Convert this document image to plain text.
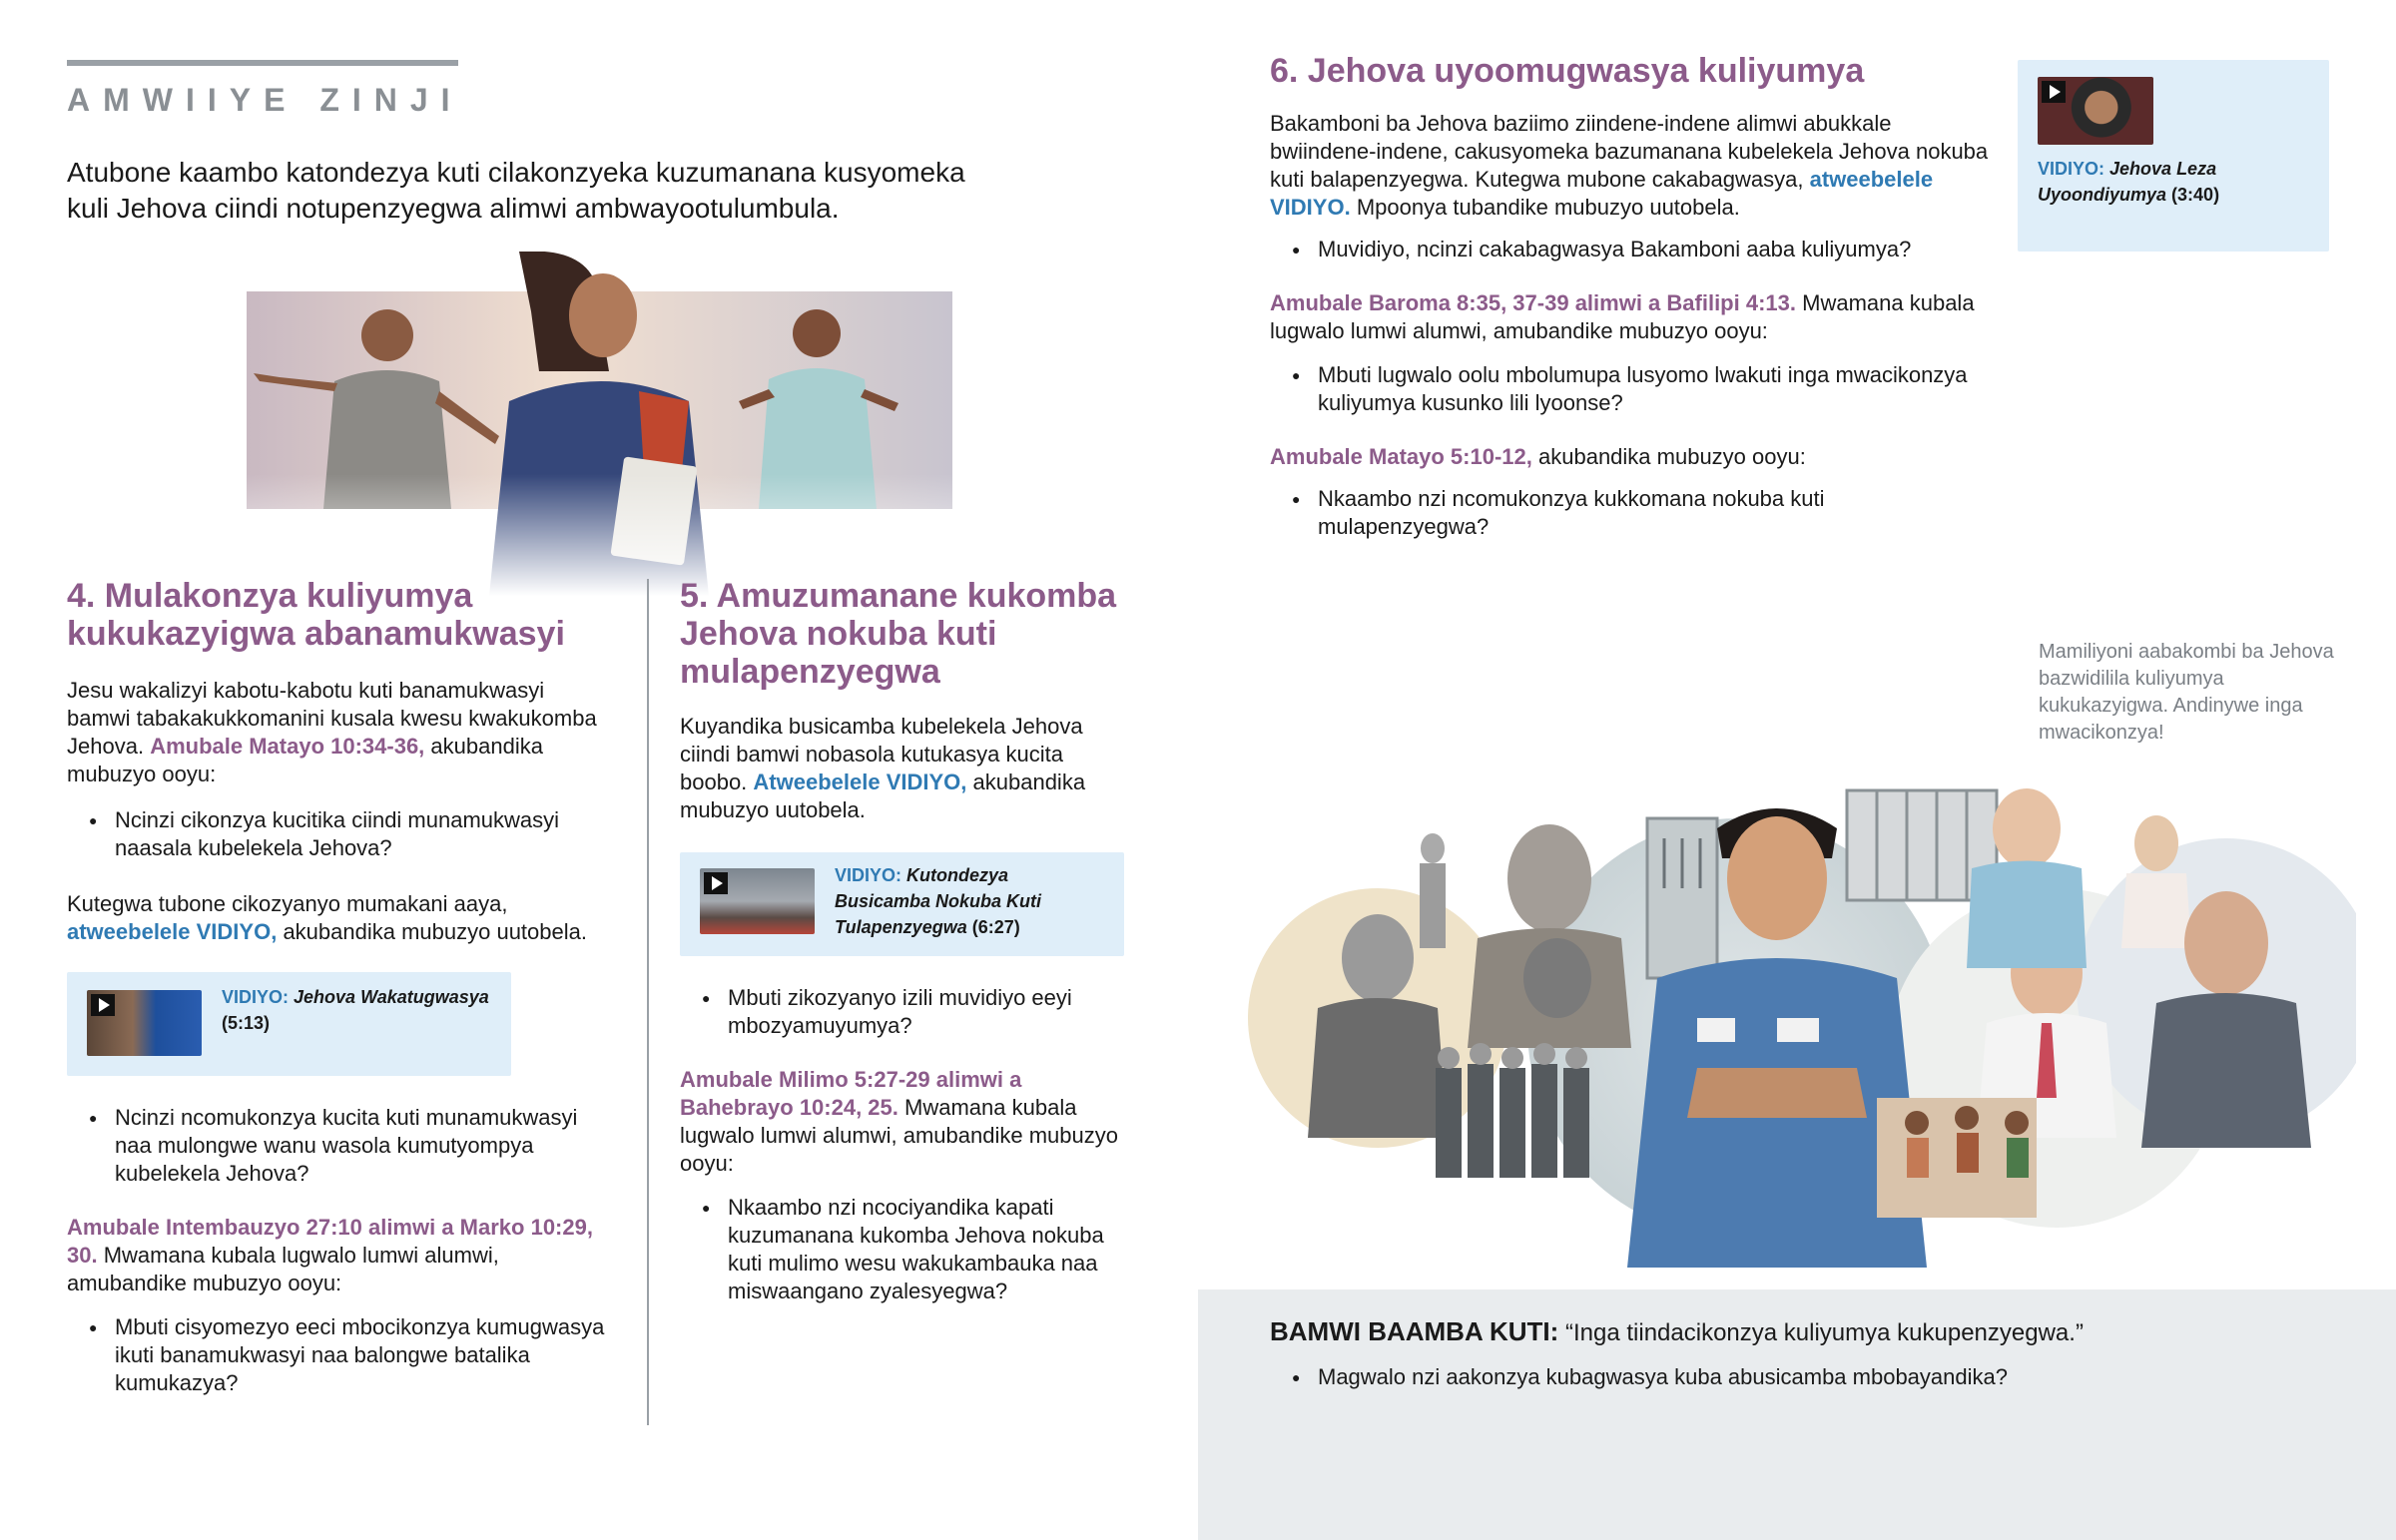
AMWIIYE ZINJI
Atubone kaambo katondezya kuti cilakonzyeka kuzumanana kusyomeka kuli Jehova ciindi notupenzyegwa alimwi ambwayootulumbula.
4. Mulakonzya kuliyumya kukukazyigwa abanamukwasyi
Jesu wakalizyi kabotu-kabotu kuti banamukwasyi bamwi tabakakukkomanini kusala kwesu kwakukomba Jehova. Amubale Matayo 10:34-36, akubandika mubuzyo ooyu:
● Ncinzi cikonzya kucitika ciindi munamukwasyi naasala kubelekela Jehova?
Kutegwa tubone cikozyanyo mumakani aaya, atweebelele VIDIYO, akubandika mubuzyo uutobela.
VIDIYO: Jehova Wakatugwasya (5:13)
● Ncinzi ncomukonzya kucita kuti munamukwasyi naa mulongwe wanu wasola kumutyompya kubelekela Jehova?
Amubale Intembauzyo 27:10 alimwi a Marko 10:29, 30. Mwamana kubala lugwalo lumwi alumwi, amubandike mubuzyo ooyu:
● Mbuti cisyomezyo eeci mbocikonzya kumugwasya ikuti banamukwasyi naa balongwe batalika kumukazya?
5. Amuzumanane kukomba Jehova nokuba kuti mulapenzyegwa
Kuyandika busicamba kubelekela Jehova ciindi bamwi nobasola kutukasya kucita boobo. Atweebelele VIDIYO, akubandika mubuzyo uutobela.
VIDIYO: Kutondezya Busicamba Nokuba Kuti Tulapenzyegwa (6:27)
● Mbuti zikozyanyo izili muvidiyo eeyi mbozyamuyumya?
Amubale Milimo 5:27-29 alimwi a Bahebrayo 10:24, 25. Mwamana kubala lugwalo lumwi alumwi, amubandike mubuzyo ooyu:
● Nkaambo nzi ncociyandika kapati kuzumanana kukomba Jehova nokuba kuti mulimo wesu wakukambauka naa miswaangano zyalesyegwa?
6. Jehova uyoomugwasya kuliyumya
Bakamboni ba Jehova baziimo ziindene-indene alimwi abukkale bwiindene-indene, cakusyomeka bazumanana kubelekela Jehova nokuba kuti balapenzyegwa. Kutegwa mubone cakabagwasya, atweebelele VIDIYO. Mpoonya tubandike mubuzyo uutobela.
● Muvidiyo, ncinzi cakabagwasya Bakamboni aaba kuliyumya?
Amubale Baroma 8:35, 37-39 alimwi a Bafilipi 4:13. Mwamana kubala lugwalo lumwi alumwi, amubandike mubuzyo ooyu:
● Mbuti lugwalo oolu mbolumupa lusyomo lwakuti inga mwacikonzya kuliyumya kusunko lili lyoonse?
Amubale Matayo 5:10-12, akubandika mubuzyo ooyu:
● Nkaambo nzi ncomukonzya kukkomana nokuba kuti mulapenzyegwa?
VIDIYO: Jehova Leza Uyoondiyumya (3:40)
Mamiliyoni aabakombi ba Jehova bazwidilila kuliyumya kukukazyigwa. Andinywe inga mwacikonzya!
BAMWI BAAMBA KUTI: “Inga tiindacikonzya kuliyumya kukupenzyegwa.”
● Magwalo nzi aakonzya kubagwasya kuba abusicamba mbobayandika?
